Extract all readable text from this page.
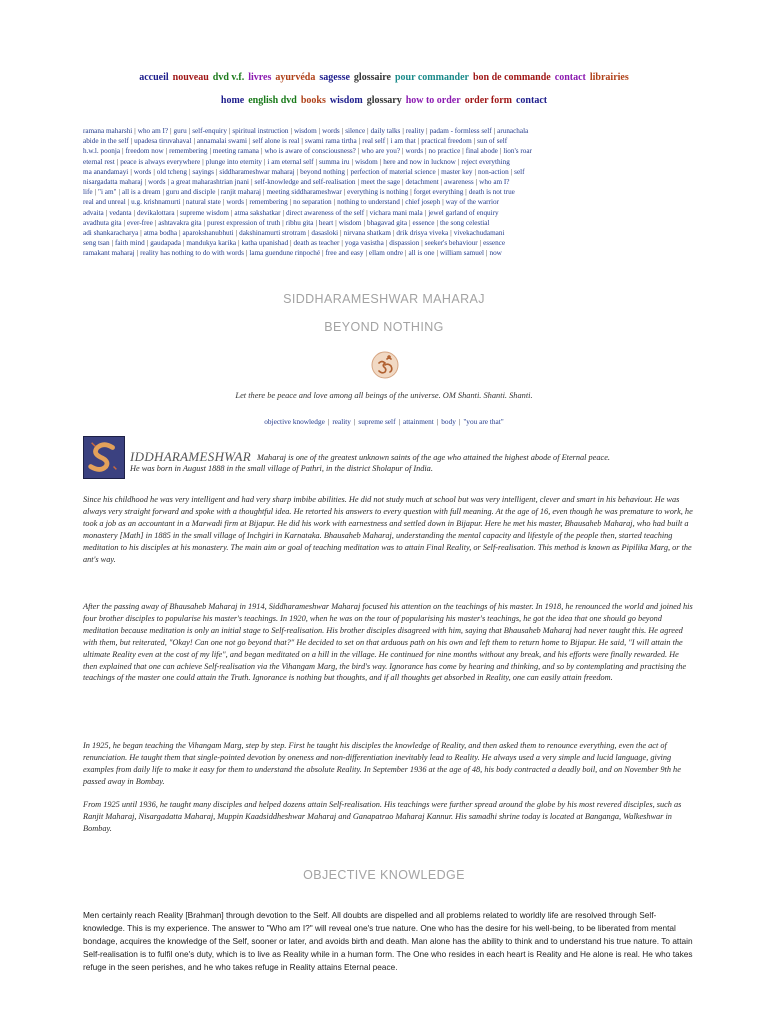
accueil nouveau dvd v.f. livres ayurvéda sagesse glossaire pour commander bon de commande contact librairies
home english dvd books wisdom glossary how to order order form contact
ramana maharshi | who am I? | guru | self-enquiry | spiritual instruction | wisdom | words | silence | daily talks | reality | padam - formless self | arunachala
abide in the self | upadesa tiruvahaval | annamalai swami | self alone is real | swami rama tirtha | real self | i am that | practical freedom | sun of self
h.w.l. poonja | freedom now | remembering | meeting ramana | who is aware of consciousness? | who are you? | words | no practice | final abode | lion's roar
eternal rest | peace is always everywhere | plunge into eternity | i am eternal self | summa iru | wisdom | here and now in lucknow | reject everything
ma anandamayi | words | old tcheng | sayings | siddharameshwar maharaj | beyond nothing | perfection of material science | master key | non-action | self
nisargadatta maharaj | words | a great maharashtrian jnani | self-knowledge and self-realisation | meet the sage | detachment | awareness | who am I?
life | "i am" | all is a dream | guru and disciple | ranjit maharaj | meeting siddharameshwar | everything is nothing | forget everything | death is not true
real and unreal | u.g. krishnamurti | natural state | words | remembering | no separation | nothing to understand | chief joseph | way of the warrior
advaita | vedanta | devikalottara | supreme wisdom | atma sakshatkar | direct awareness of the self | vichara mani mala | jewel garland of enquiry
avadhuta gita | ever-free | ashtavakra gita | purest expression of truth | ribhu gita | heart | wisdom | bhagavad gita | essence | the song celestial
adi shankaracharya | atma bodha | aparokshanubhuti | dakshinamurti strotram | dasasloki | nirvana shatkam | drik drisya viveka | vivekachudamani
seng tsan | faith mind | gaudapada | mandukya karika | katha upanishad | death as teacher | yoga vasistha | dispassion | seeker's behaviour | essence
ramakant maharaj | reality has nothing to do with words | lama guendune rinpoché | free and easy | ellam ondre | all is one | william samuel | now
SIDDHARAMESHWAR MAHARAJ
BEYOND NOTHING
Let there be peace and love among all beings of the universe. OM Shanti. Shanti. Shanti.
objective knowledge | reality | supreme self | attainment | body | "you are that"
IDDHARAMESHWAR Maharaj is one of the greatest unknown saints of the age who attained the highest abode of Eternal peace.

He was born in August 1888 in the small village of Pathri, in the district Sholapur of India.

Since his childhood he was very intelligent and had very sharp imbibe abilities. He did not study much at school but was very intelligent, clever and smart in his behaviour. He was always very straight forward and spoke with a thoughtful idea. He retorted his answers to every question with full meaning. At the age of 16, even though he was premature to work, he took a job as an accountant in a Marwadi firm at Bijapur. He did his work with earnestness and settled down in Bijapur. Here he met his master, Bhausaheb Maharaj, who had built a monastery [Math] in 1885 in the small village of Inchgiri in Karnataka. Bhausaheb Maharaj, understanding the mental capacity and lifestyle of the people then, started teaching meditation to his disciples at his monastery. The main aim or goal of teaching meditation was to attain Final Reality, or Self-realisation. This method is known as Pipilika Marg, or the ant's way.

After the passing away of Bhausaheb Maharaj in 1914, Siddharameshwar Maharaj focused his attention on the teachings of his master. In 1918, he renounced the world and joined his four brother disciples to popularise his master's teachings. In 1920, when he was on the tour of popularising his master's teachings, he got the idea that one should go beyond meditation because meditation is only an initial stage to Self-realisation. His brother disciples disagreed with him, saying that Bhausaheb Maharaj had never taught this. He agreed with them, but reiterated, "Okay! Can one not go beyond that?" He decided to set on that arduous path on his own and left them to return home to Bijapur. He said, "I will attain the ultimate Reality even at the cost of my life", and began meditated on a hill in the village. He continued for nine months without any break, and his efforts were finally rewarded. He then explained that one can achieve Self-realisation via the Vihangam Marg, the bird's way. Ignorance has come by hearing and thinking, and so by contemplating and practising the teachings of the master one could attain the Truth. Ignorance is nothing but thoughts, and if all thoughts get absorbed in Reality, one can easily attain freedom.

In 1925, he began teaching the Vihangam Marg, step by step. First he taught his disciples the knowledge of Reality, and then asked them to renounce everything, even the act of renunciation. He taught them that single-pointed devotion by oneness and non-differentiation inevitably lead to Reality. He always used a very simple and lucid language, giving examples from daily life to make it easy for them to understand the absolute Reality. In September 1936 at the age of 48, his body contracted a deadly boil, and on November 9th he passed away in Bombay.

From 1925 until 1936, he taught many disciples and helped dozens attain Self-realisation. His teachings were further spread around the globe by his most revered disciples, such as Ranjit Maharaj, Nisargadatta Maharaj, Muppin Kaadsiddheshwar Maharaj and Ganapatrao Maharaj Kannur. His samadhi shrine today is located at Banganga, Walkeshwar in Bombay.

OBJECTIVE KNOWLEDGE

Men certainly reach Reality [Brahman] through devotion to the Self. All doubts are dispelled and all problems related to worldly life are resolved through Self-knowledge. This is my experience. The answer to "Who am I?" will reveal one's true nature. One who has the desire for his well-being, to be liberated from mental bondage, acquires the knowledge of the Self, sooner or later, and avoids birth and death. Man alone has the ability to think and to understand his true nature. To attain Self-realisation is to fulfil one's duty, which is to live as Reality while in a human form. The One who resides in each heart is Reality and He alone is real. He who takes refuge in the seen perishes, and he who takes refuge in Reality attains Eternal peace.
